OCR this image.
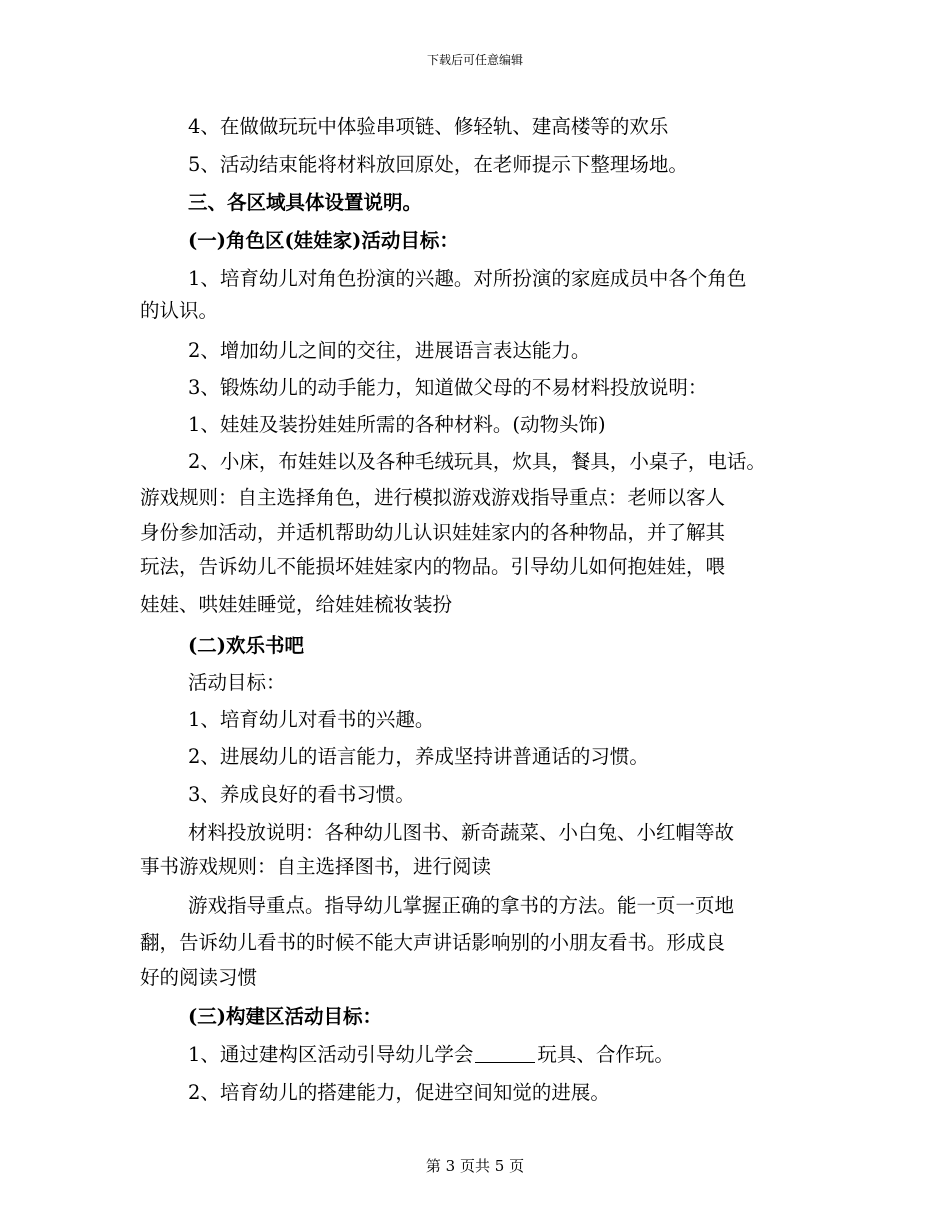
下载后可任意编辑
4、在做做玩玩中体验串项链、修轻轨、建高楼等的欢乐
5、活动结束能将材料放回原处，在老师提示下整理场地。
三、各区域具体设置说明。
(一)角色区(娃娃家)活动目标：
1、培育幼儿对角色扮演的兴趣。对所扮演的家庭成员中各个角色
的认识。
2、增加幼儿之间的交往，进展语言表达能力。
3、锻炼幼儿的动手能力，知道做父母的不易材料投放说明：
1、娃娃及装扮娃娃所需的各种材料。(动物头饰)
2、小床，布娃娃以及各种毛绒玩具，炊具，餐具，小桌子，电话。
游戏规则：自主选择角色，进行模拟游戏游戏指导重点：老师以客人
身份参加活动，并适机帮助幼儿认识娃娃家内的各种物品，并了解其
玩法，告诉幼儿不能损坏娃娃家内的物品。引导幼儿如何抱娃娃，喂
娃娃、哄娃娃睡觉，给娃娃梳妆装扮
(二)欢乐书吧
活动目标：
1、培育幼儿对看书的兴趣。
2、进展幼儿的语言能力，养成坚持讲普通话的习惯。
3、养成良好的看书习惯。
材料投放说明：各种幼儿图书、新奇蔬菜、小白兔、小红帽等故
事书游戏规则：自主选择图书，进行阅读
游戏指导重点。指导幼儿掌握正确的拿书的方法。能一页一页地
翻，告诉幼儿看书的时候不能大声讲话影响别的小朋友看书。形成良
好的阅读习惯
(三)构建区活动目标：
1、通过建构区活动引导幼儿学会	玩具、合作玩。
2、培育幼儿的搭建能力，促进空间知觉的进展。
第 3 页共 5 页
